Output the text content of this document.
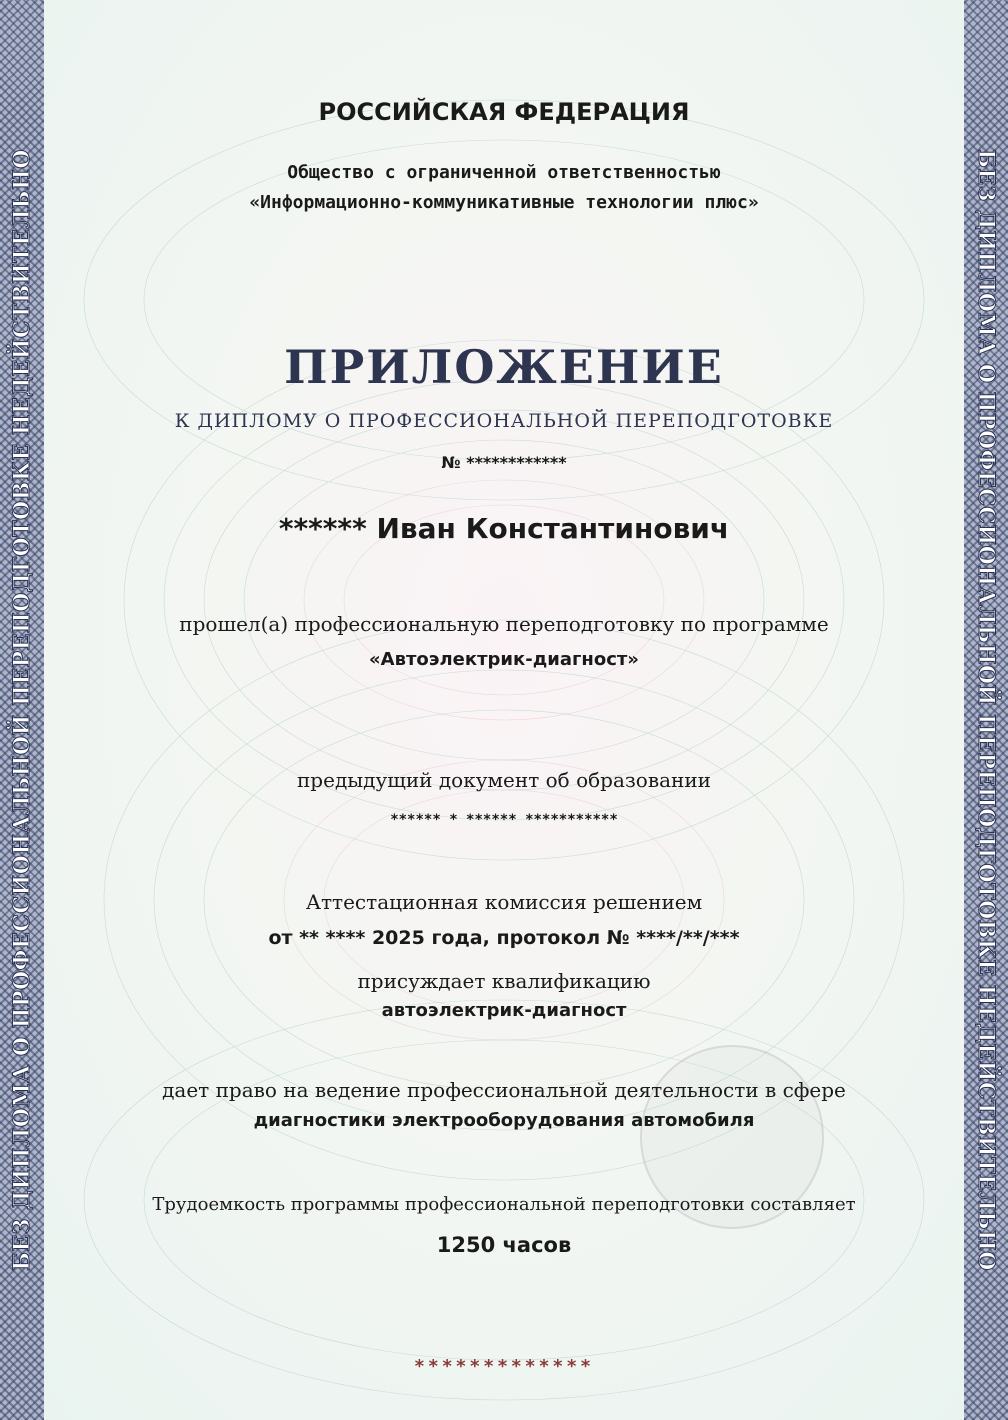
БЕЗ ДИПЛОМА О ПРОФЕССИОНАЛЬНОЙ ПЕРЕПОДГОТОВКЕ НЕДЕЙСТВИТЕЛЬНО	БЕЗ ДИПЛОМА О ПРОФЕССИОНАЛЬНОЙ ПЕРЕПОДГОТОВКЕ НЕДЕЙСТВИТЕЛЬНО
РОССИЙСКАЯ ФЕДЕРАЦИЯ
Общество с ограниченной ответственностью
«Информационно-коммуникативные технологии плюс»
ПРИЛОЖЕНИЕ
К ДИПЛОМУ О ПРОФЕССИОНАЛЬНОЙ ПЕРЕПОДГОТОВКЕ
№ ************
****** Иван Константинович
прошел(а) профессиональную переподготовку по программе
«Автоэлектрик-диагност»
предыдущий документ об образовании
****** * ****** ***********
Аттестационная комиссия решением
от ** **** 2025 года, протокол № ****/**/***
присуждает квалификацию
автоэлектрик-диагност
дает право на ведение профессиональной деятельности в сфере
диагностики электрооборудования автомобиля
Трудоемкость программы профессиональной переподготовки составляет
1250 часов
*************
